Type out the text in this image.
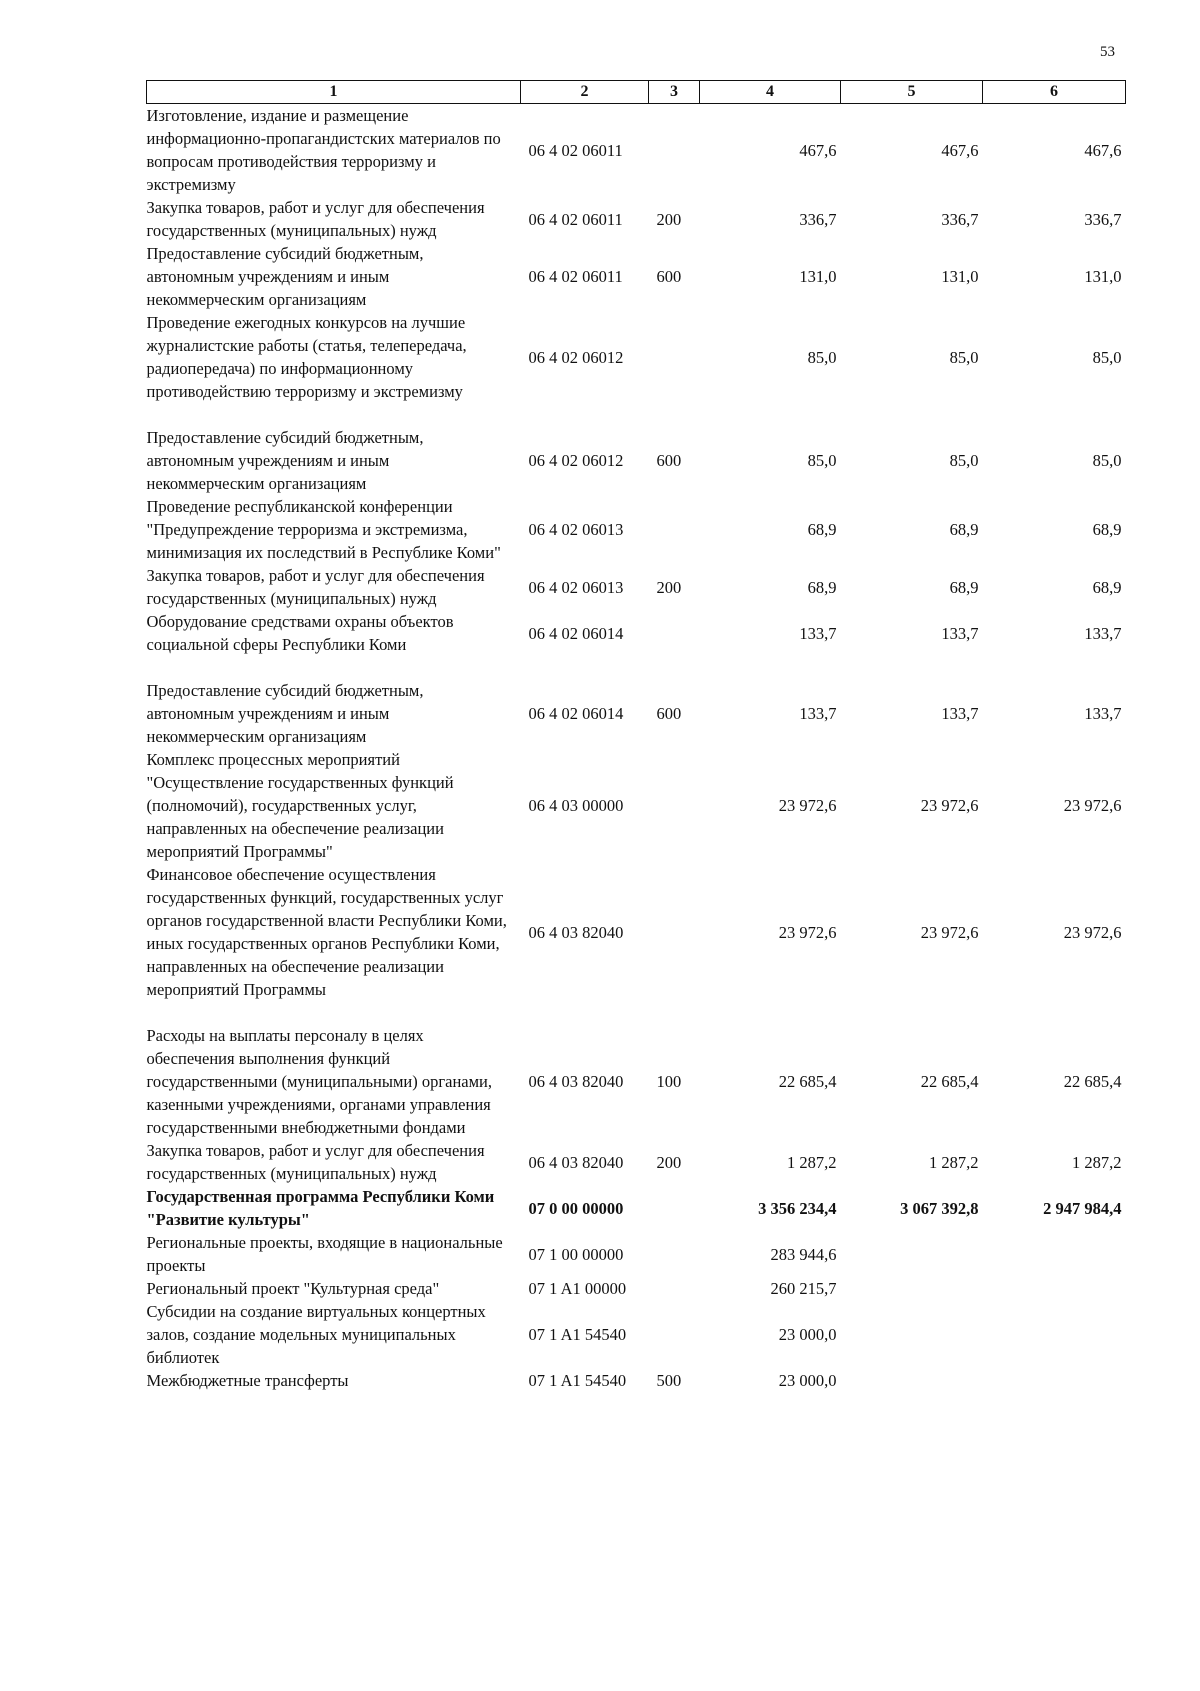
53
1	2	3	4	5	6
Изготовление, издание и размещение информационно-пропагандистских материалов по вопросам противодействия терроризму и экстремизму	06 4 02 06011		467,6	467,6	467,6
Закупка товаров, работ и услуг для обеспечения государственных (муниципальных) нужд	06 4 02 06011	200	336,7	336,7	336,7
Предоставление субсидий бюджетным, автономным учреждениям и иным некоммерческим организациям	06 4 02 06011	600	131,0	131,0	131,0
Проведение ежегодных конкурсов на лучшие журналистские работы (статья, телепередача, радиопередача) по информационному противодействию терроризму и экстремизму	06 4 02 06012		85,0	85,0	85,0
Предоставление субсидий бюджетным, автономным учреждениям и иным некоммерческим организациям	06 4 02 06012	600	85,0	85,0	85,0
Проведение республиканской конференции "Предупреждение терроризма и экстремизма, минимизация их последствий в Республике Коми"	06 4 02 06013		68,9	68,9	68,9
Закупка товаров, работ и услуг для обеспечения государственных (муниципальных) нужд	06 4 02 06013	200	68,9	68,9	68,9
Оборудование средствами охраны объектов социальной сферы Республики Коми	06 4 02 06014		133,7	133,7	133,7
Предоставление субсидий бюджетным, автономным учреждениям и иным некоммерческим организациям	06 4 02 06014	600	133,7	133,7	133,7
Комплекс процессных мероприятий "Осуществление государственных функций (полномочий), государственных услуг, направленных на обеспечение реализации мероприятий Программы"	06 4 03 00000		23 972,6	23 972,6	23 972,6
Финансовое обеспечение осуществления государственных функций, государственных услуг органов государственной власти Республики Коми, иных государственных органов Республики Коми, направленных на обеспечение реализации мероприятий Программы	06 4 03 82040		23 972,6	23 972,6	23 972,6
Расходы на выплаты персоналу в целях обеспечения выполнения функций государственными (муниципальными) органами, казенными учреждениями, органами управления государственными внебюджетными фондами	06 4 03 82040	100	22 685,4	22 685,4	22 685,4
Закупка товаров, работ и услуг для обеспечения государственных (муниципальных) нужд	06 4 03 82040	200	1 287,2	1 287,2	1 287,2
Государственная программа Республики Коми "Развитие культуры"	07 0 00 00000		3 356 234,4	3 067 392,8	2 947 984,4
Региональные проекты, входящие в национальные проекты	07 1 00 00000		283 944,6		
Региональный проект "Культурная среда"	07 1 A1 00000		260 215,7		
Субсидии на создание виртуальных концертных залов, создание модельных муниципальных библиотек	07 1 A1 54540		23 000,0		
Межбюджетные трансферты	07 1 A1 54540	500	23 000,0		
